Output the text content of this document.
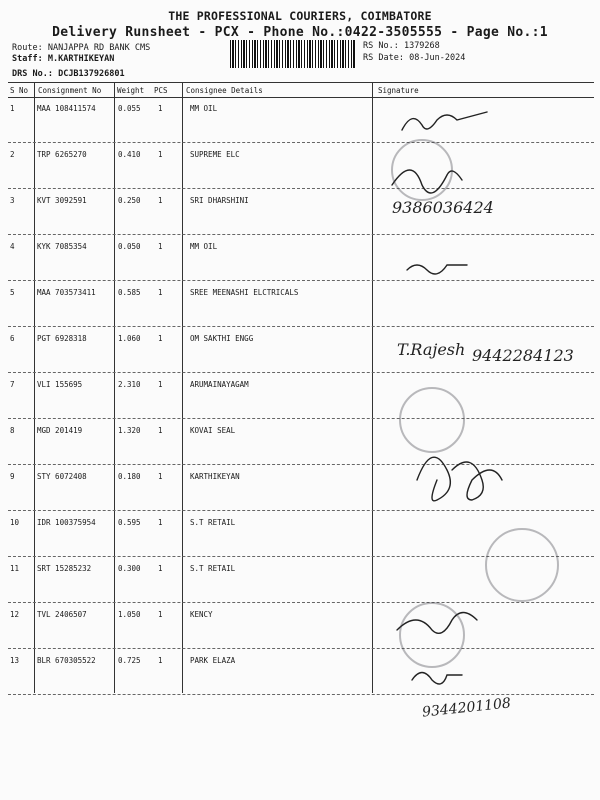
THE PROFESSIONAL COURIERS, COIMBATORE
Delivery Runsheet - PCX - Phone No.:0422-3505555 - Page No.:1
Route: NANJAPPA RD BANK CMS
Staff: M.KARTHIKEYAN
DRS No.: DCJB137926801
RS No.: 1379268
RS Date: 08-Jun-2024
S No Consignment No Weight PCS Consignee Details	Signature
1	MAA 108411574	0.055 1	MM OIL
2	TRP 6265270	0.410 1	SUPREME ELC
3	KVT 3092591	0.250 1	SRI DHARSHINI
4	KYK 7085354	0.050 1	MM OIL
5	MAA 703573411	0.585 1	SREE MEENASHI ELCTRICALS
6	PGT 6928318	1.060 1	OM SAKTHI ENGG
7	VLI 155695	2.310 1	ARUMAINAYAGAM
8	MGD 201419	1.320 1	KOVAI SEAL
9	STY 6072408	0.180 1	KARTHIKEYAN
10 IDR 100375954	0.595 1	S.T RETAIL
11 SRT 15285232	0.300 1	S.T RETAIL
12 TVL 2406507	1.050 1	KENCY
13 BLR 670305522	0.725 1	PARK ELAZA
9386036424
T.Rajesh 9442284123
9344201108
